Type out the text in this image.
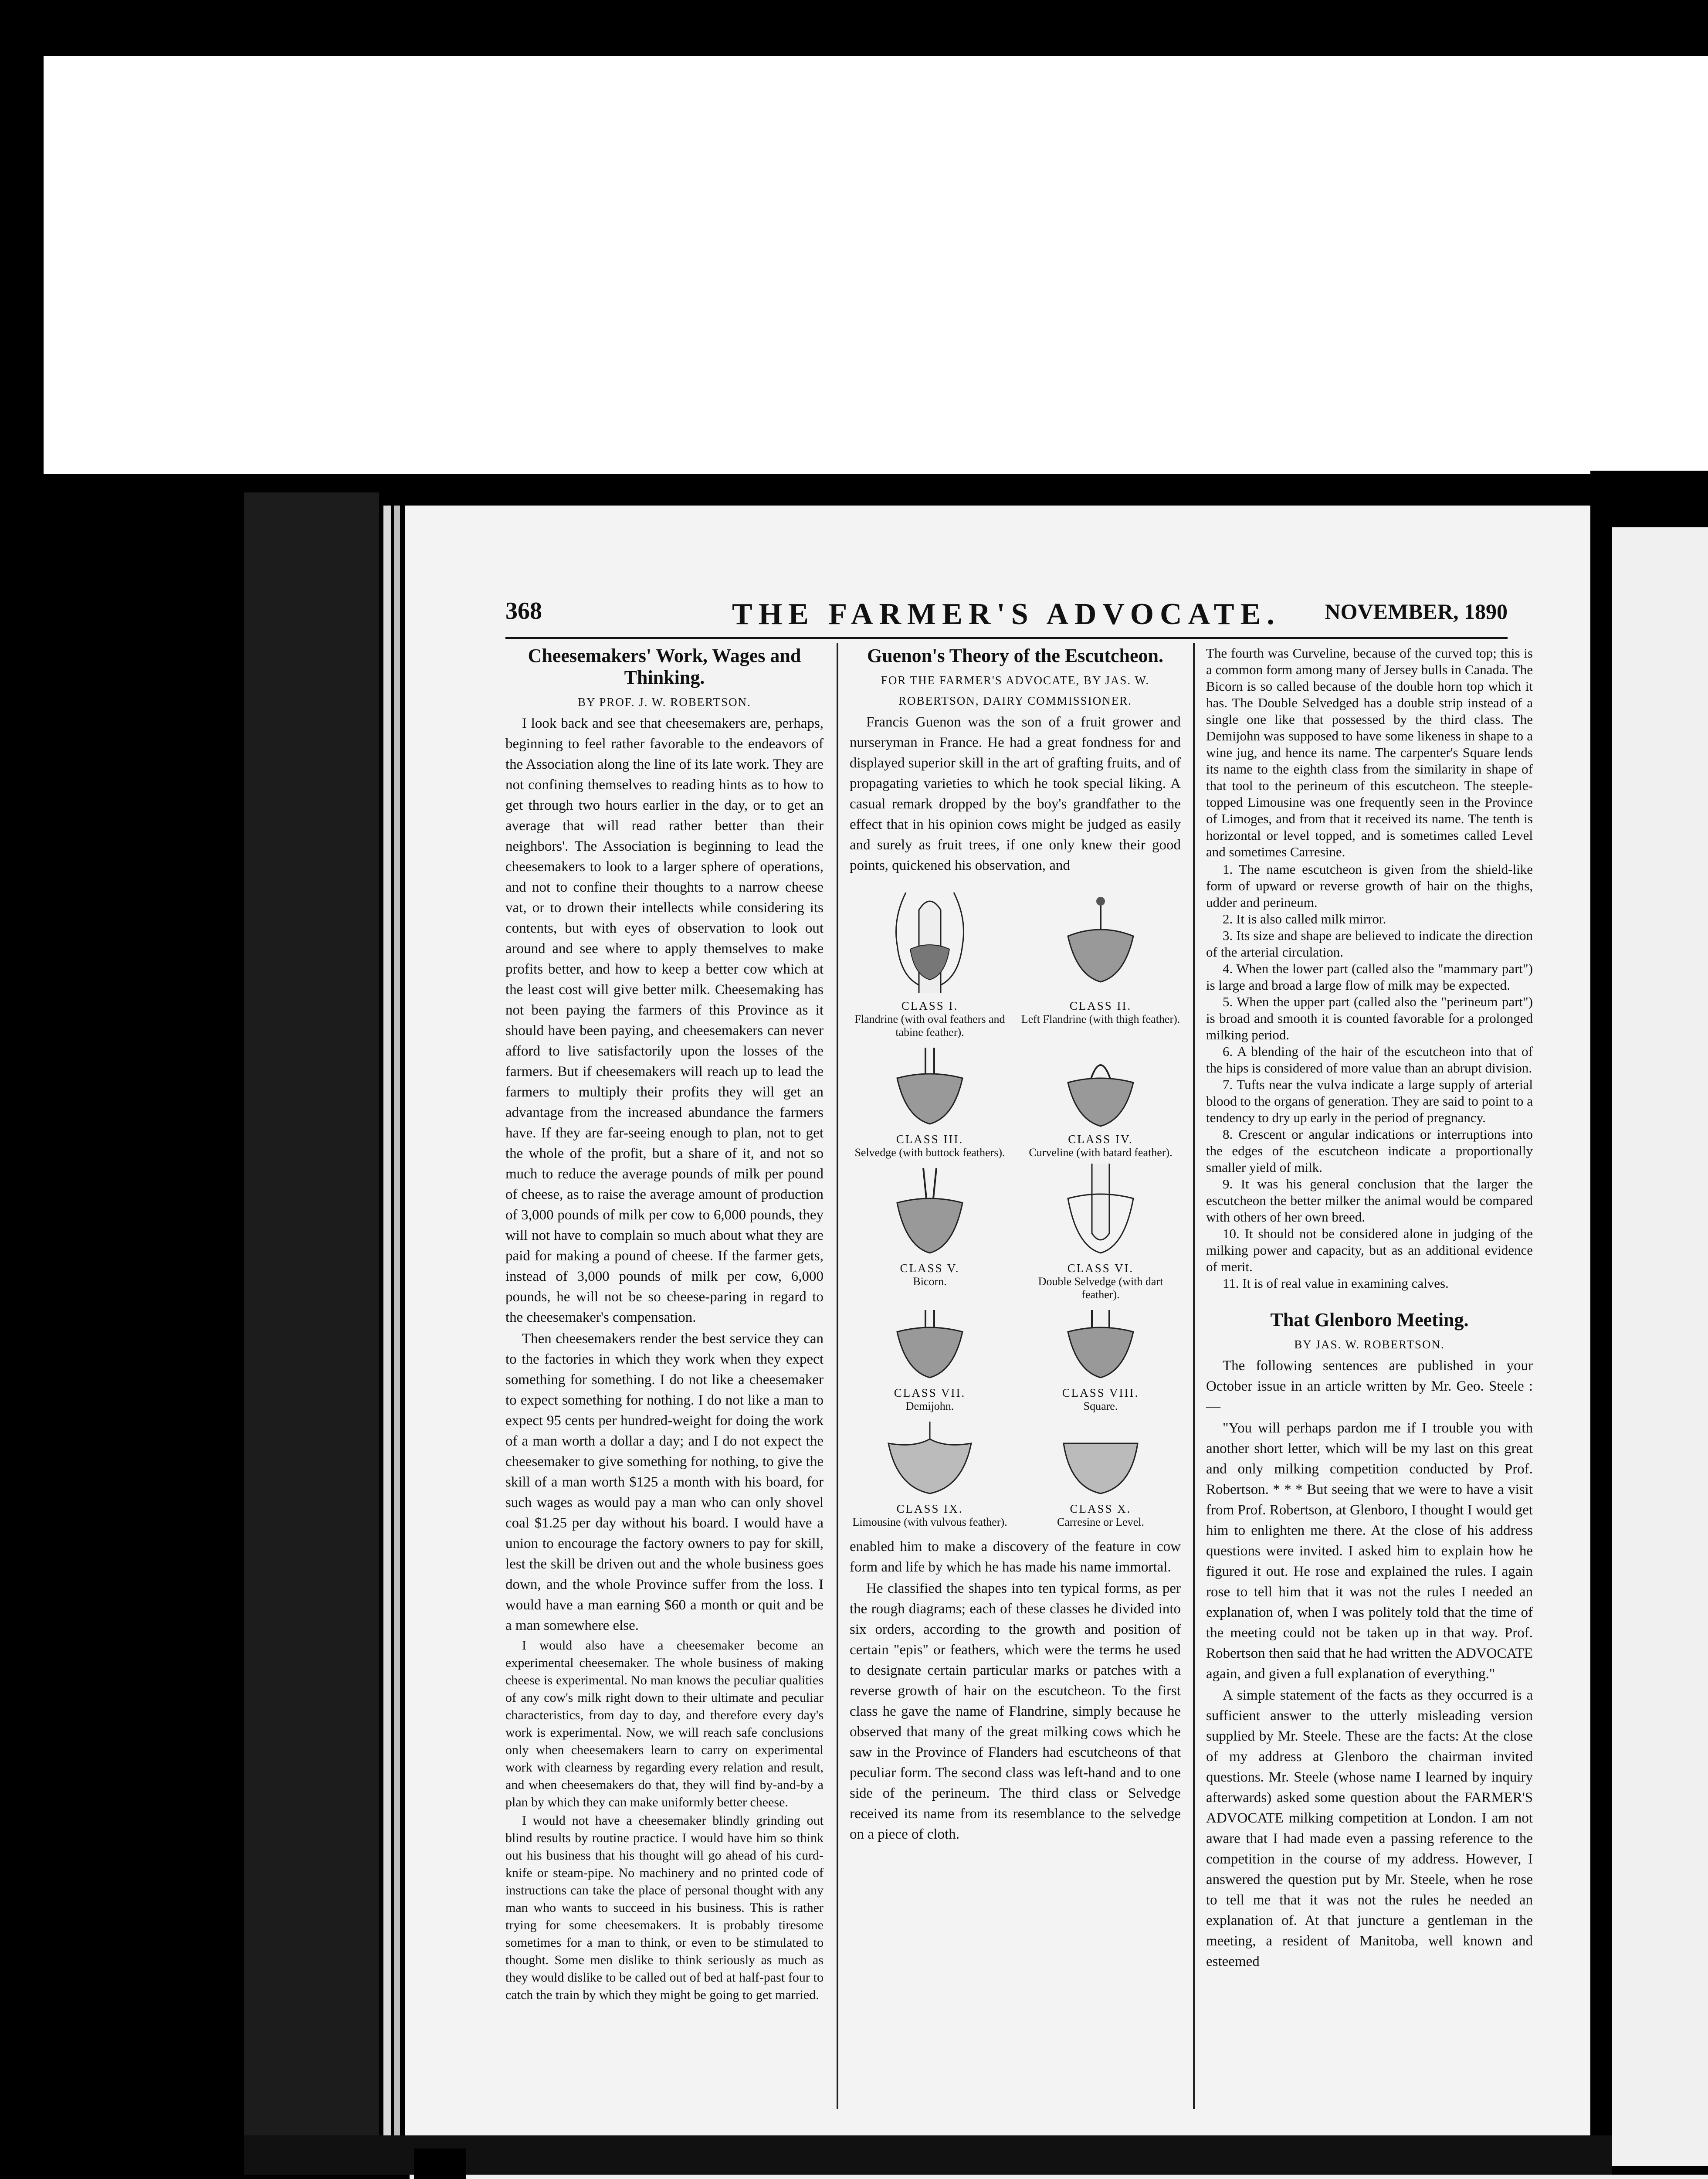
368	THE FARMER'S ADVOCATE. NOVEMBER, 1890
Cheesemakers' Work, Wages and Thinking.

BY PROF. J. W. ROBERTSON.

I look back and see that cheesemakers are, perhaps, beginning to feel rather favorable to the endeavors of the Association along the line of its late work. They are not confining themselves to reading hints as to how to get through two hours earlier in the day, or to get an average that will read rather better than their neighbors'. The Association is beginning to lead the cheesemakers to look to a larger sphere of operations, and not to confine their thoughts to a narrow cheese vat, or to drown their intellects while considering its contents, but with eyes of observation to look out around and see where to apply themselves to make profits better, and how to keep a better cow which at the least cost will give better milk. Cheesemaking has not been paying the farmers of this Province as it should have been paying, and cheesemakers can never afford to live satisfactorily upon the losses of the farmers. But if cheesemakers will reach up to lead the farmers to multiply their profits they will get an advantage from the increased abundance the farmers have. If they are far-seeing enough to plan, not to get the whole of the profit, but a share of it, and not so much to reduce the average pounds of milk per pound of cheese, as to raise the average amount of production of 3,000 pounds of milk per cow to 6,000 pounds, they will not have to complain so much about what they are paid for making a pound of cheese. If the farmer gets, instead of 3,000 pounds of milk per cow, 6,000 pounds, he will not be so cheese-paring in regard to the cheesemaker's compensation.

Then cheesemakers render the best service they can to the factories in which they work when they expect something for something. I do not like a cheesemaker to expect something for nothing. I do not like a man to expect 95 cents per hundred-weight for doing the work of a man worth a dollar a day; and I do not expect the cheesemaker to give something for nothing, to give the skill of a man worth $125 a month with his board, for such wages as would pay a man who can only shovel coal $1.25 per day without his board. I would have a union to encourage the factory owners to pay for skill, lest the skill be driven out and the whole business goes down, and the whole Province suffer from the loss. I would have a man earning $60 a month or quit and be a man somewhere else.

I would also have a cheesemaker become an experimental cheesemaker. The whole business of making cheese is experimental. No man knows the peculiar qualities of any cow's milk right down to their ultimate and peculiar characteristics, from day to day, and therefore every day's work is experimental. Now, we will reach safe conclusions only when cheesemakers learn to carry on experimental work with clearness by regarding every relation and result, and when cheesemakers do that, they will find by-and-by a plan by which they can make uniformly better cheese.

I would not have a cheesemaker blindly grinding out blind results by routine practice. I would have him so think out his business that his thought will go ahead of his curd-knife or steam-pipe. No machinery and no printed code of instructions can take the place of personal thought with any man who wants to succeed in his business. This is rather trying for some cheesemakers. It is probably tiresome sometimes for a man to think, or even to be stimulated to thought. Some men dislike to think seriously as much as they would dislike to be called out of bed at half-past four to catch the train by which they might be going to get married.

Guenon's Theory of the Escutcheon.

FOR THE FARMER'S ADVOCATE, BY JAS. W. ROBERTSON, DAIRY COMMISSIONER.

Francis Guenon was the son of a fruit grower and nurseryman in France. He had a great fondness for and displayed superior skill in the art of grafting fruits, and of propagating varieties to which he took special liking. A casual remark dropped by the boy's grandfather to the effect that in his opinion cows might be judged as easily and surely as fruit trees, if one only knew their good points, quickened his observation, and

CLASS I.
Flandrine (with oval feathers and tabine feather).
CLASS II.
Left Flandrine (with thigh feather).
CLASS III.
Selvedge (with buttock feathers).
CLASS IV.
Curveline (with batard feather).
CLASS V.
Bicorn.
CLASS VI.
Double Selvedge (with dart feather).
CLASS VII.
Demijohn.
CLASS VIII.
Square.
CLASS IX.
Limousine (with vulvous feather).
CLASS X.
Carresine or Level.

enabled him to make a discovery of the feature in cow form and life by which he has made his name immortal.

He classified the shapes into ten typical forms, as per the rough diagrams; each of these classes he divided into six orders, according to the growth and position of certain "epis" or feathers, which were the terms he used to designate certain particular marks or patches with a reverse growth of hair on the escutcheon. To the first class he gave the name of Flandrine, simply because he observed that many of the great milking cows which he saw in the Province of Flanders had escutcheons of that peculiar form. The second class was left-hand and to one side of the perineum. The third class or Selvedge received its name from its resemblance to the selvedge on a piece of cloth.

The fourth was Curveline, because of the curved top; this is a common form among many of Jersey bulls in Canada. The Bicorn is so called because of the double horn top which it has. The Double Selvedged has a double strip instead of a single one like that possessed by the third class. The Demijohn was supposed to have some likeness in shape to a wine jug, and hence its name. The carpenter's Square lends its name to the eighth class from the similarity in shape of that tool to the perineum of this escutcheon. The steeple-topped Limousine was one frequently seen in the Province of Limoges, and from that it received its name. The tenth is horizontal or level topped, and is sometimes called Level and sometimes Carresine.

1. The name escutcheon is given from the shield-like form of upward or reverse growth of hair on the thighs, udder and perineum.
2. It is also called milk mirror.
3. Its size and shape are believed to indicate the direction of the arterial circulation.
4. When the lower part (called also the "mammary part") is large and broad a large flow of milk may be expected.
5. When the upper part (called also the "perineum part") is broad and smooth it is counted favorable for a prolonged milking period.
6. A blending of the hair of the escutcheon into that of the hips is considered of more value than an abrupt division.
7. Tufts near the vulva indicate a large supply of arterial blood to the organs of generation. They are said to point to a tendency to dry up early in the period of pregnancy.
8. Crescent or angular indications or interruptions into the edges of the escutcheon indicate a proportionally smaller yield of milk.
9. It was his general conclusion that the larger the escutcheon the better milker the animal would be compared with others of her own breed.
10. It should not be considered alone in judging of the milking power and capacity, but as an additional evidence of merit.
11. It is of real value in examining calves.
That Glenboro Meeting.

BY JAS. W. ROBERTSON.

The following sentences are published in your October issue in an article written by Mr. Geo. Steele :—

"You will perhaps pardon me if I trouble you with another short letter, which will be my last on this great and only milking competition conducted by Prof. Robertson. * * * But seeing that we were to have a visit from Prof. Robertson, at Glenboro, I thought I would get him to enlighten me there. At the close of his address questions were invited. I asked him to explain how he figured it out. He rose and explained the rules. I again rose to tell him that it was not the rules I needed an explanation of, when I was politely told that the time of the meeting could not be taken up in that way. Prof. Robertson then said that he had written the ADVOCATE again, and given a full explanation of everything."

A simple statement of the facts as they occurred is a sufficient answer to the utterly misleading version supplied by Mr. Steele. These are the facts: At the close of my address at Glenboro the chairman invited questions. Mr. Steele (whose name I learned by inquiry afterwards) asked some question about the FARMER'S ADVOCATE milking competition at London. I am not aware that I had made even a passing reference to the competition in the course of my address. However, I answered the question put by Mr. Steele, when he rose to tell me that it was not the rules he needed an explanation of. At that juncture a gentleman in the meeting, a resident of Manitoba, well known and esteemed
